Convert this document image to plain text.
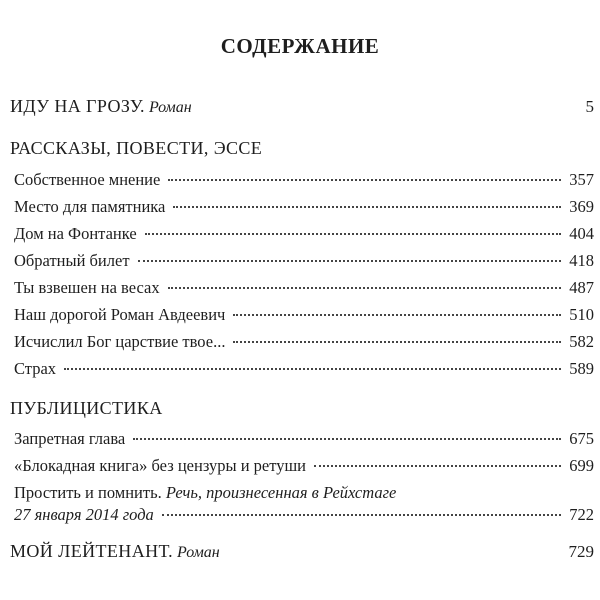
СОДЕРЖАНИЕ
ИДУ НА ГРОЗУ. Роман	5
РАССКАЗЫ, ПОВЕСТИ, ЭССЕ
Собственное мнение	357
Место для памятника	369
Дом на Фонтанке	404
Обратный билет	418
Ты взвешен на весах	487
Наш дорогой Роман Авдеевич	510
Исчислил Бог царствие твое...	582
Страх	589
ПУБЛИЦИСТИКА
Запретная глава	675
«Блокадная книга» без цензуры и ретуши	699
Простить и помнить. Речь, произнесенная в Рейхстаге
27 января 2014 года	722
МОЙ ЛЕЙТЕНАНТ. Роман	729
